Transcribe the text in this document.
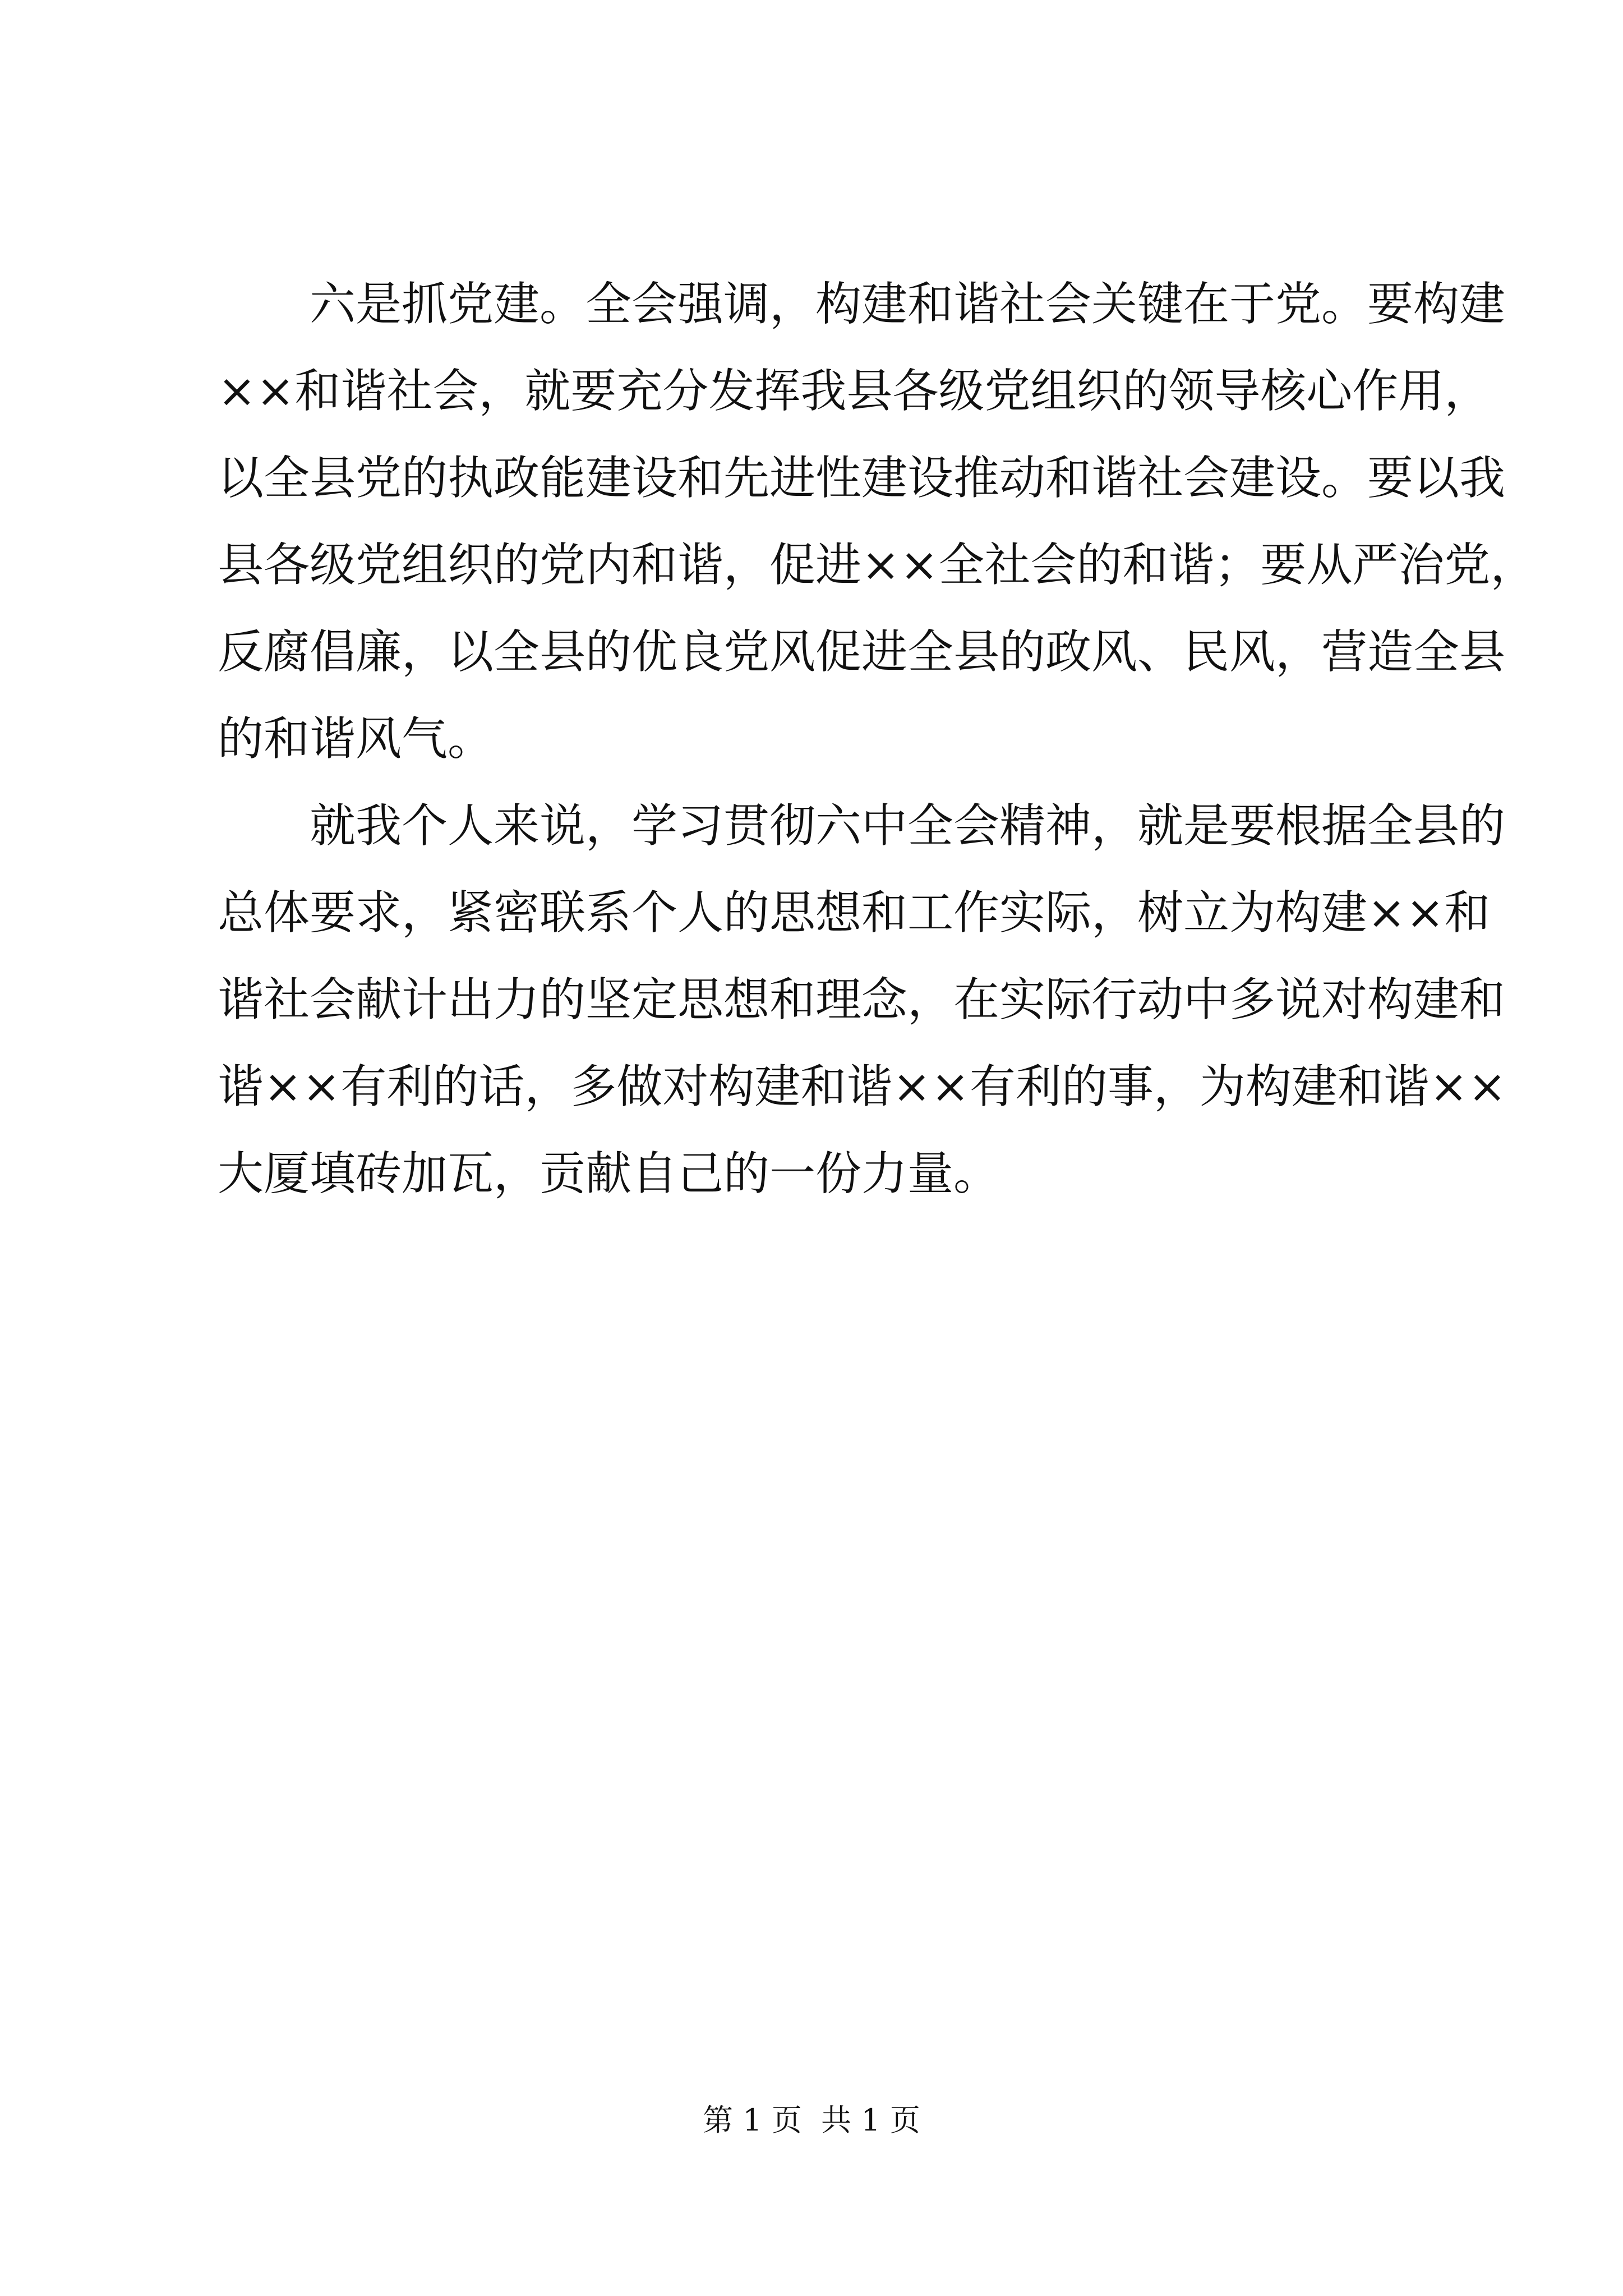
六是抓党建。全会强调，构建和谐社会关键在于党。要构建
××和谐社会，就要充分发挥我县各级党组织的领导核心作用，
以全县党的执政能建设和先进性建设推动和谐社会建设。要以我
县各级党组织的党内和谐，促进××全社会的和谐；要从严治党，
反腐倡廉，以全县的优良党风促进全县的政风、民风，营造全县
的和谐风气。
就我个人来说，学习贯彻六中全会精神，就是要根据全县的
总体要求，紧密联系个人的思想和工作实际，树立为构建××和
谐社会献计出力的坚定思想和理念，在实际行动中多说对构建和
谐××有利的话，多做对构建和谐××有利的事，为构建和谐××
大厦填砖加瓦，贡献自己的一份力量。
第 1 页  共 1 页
